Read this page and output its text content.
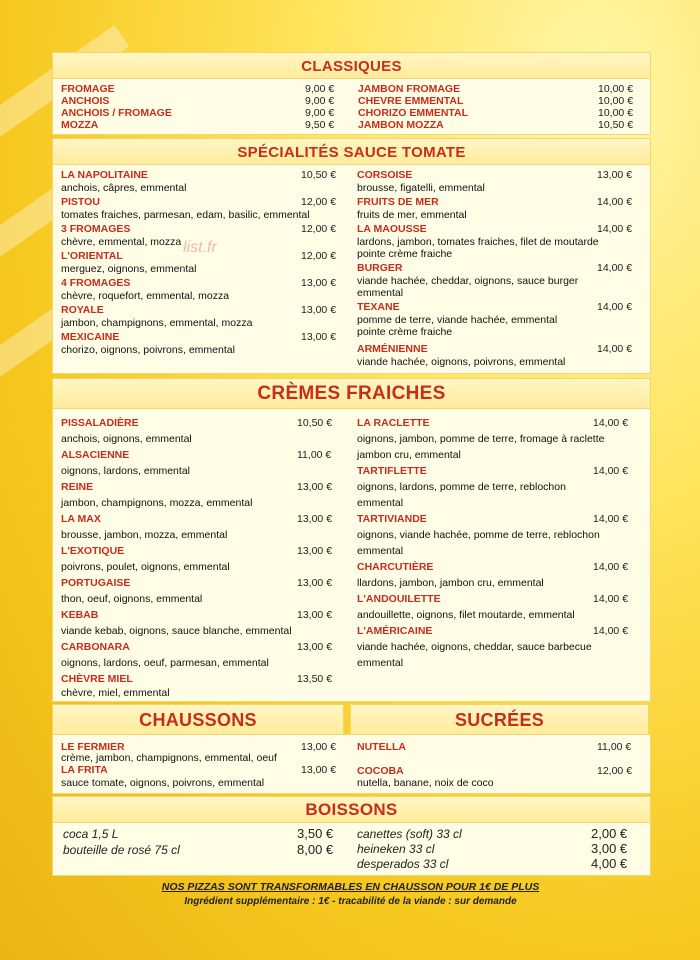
CLASSIQUES
FROMAGE	9,00 €
ANCHOIS	9,00 €
ANCHOIS / FROMAGE	9,00 €
MOZZA	9,50 €
JAMBON FROMAGE	10,00 €
CHEVRE EMMENTAL	10,00 €
CHORIZO EMMENTAL	10,00 €
JAMBON MOZZA	10,50 €
SPÉCIALITÉS SAUCE TOMATE
LA NAPOLITAINE	10,50 €
anchois, câpres, emmental
PISTOU	12,00 €
tomates fraiches, parmesan, edam, basilic, emmental
3 FROMAGES	12,00 €
chèvre, emmental, mozza
L'ORIENTAL	12,00 €
merguez, oignons, emmental
4 FROMAGES	13,00 €
chèvre, roquefort, emmental, mozza
ROYALE	13,00 €
jambon, champignons, emmental, mozza
MEXICAINE	13,00 €
chorizo, oignons, poivrons, emmental
list.fr
CORSOISE	13,00 €
brousse, figatelli, emmental
FRUITS DE MER	14,00 €
fruits de mer, emmental
LA MAOUSSE	14,00 €
lardons, jambon, tomates fraiches, filet de moutarde
pointe crème fraiche
BURGER	14,00 €
viande hachée, cheddar, oignons, sauce burger
emmental
TEXANE	14,00 €
pomme de terre, viande hachée, emmental
pointe crème fraiche
ARMÉNIENNE	14,00 €
viande hachée, oignons, poivrons, emmental
CRÈMES FRAICHES
PISSALADIÈRE	10,50 €
anchois, oignons, emmental
ALSACIENNE	11,00 €
oignons, lardons, emmental
REINE	13,00 €
jambon, champignons, mozza, emmental
LA MAX	13,00 €
brousse, jambon, mozza, emmental
L'EXOTIQUE	13,00 €
poivrons, poulet, oignons, emmental
PORTUGAISE	13,00 €
thon, oeuf, oignons, emmental
KEBAB	13,00 €
viande kebab, oignons, sauce blanche, emmental
CARBONARA	13,00 €
oignons, lardons, oeuf, parmesan, emmental
CHÈVRE MIEL	13,50 €
chèvre, miel, emmental
LA RACLETTE	14,00 €
oignons, jambon, pomme de terre, fromage à raclette
jambon cru, emmental
TARTIFLETTE	14,00 €
oignons, lardons, pomme de terre, reblochon
emmental
TARTIVIANDE	14,00 €
oignons, viande hachée, pomme de terre, reblochon
emmental
CHARCUTIÈRE	14,00 €
llardons, jambon, jambon cru, emmental
L'ANDOUILETTE	14,00 €
andouillette, oignons, filet moutarde, emmental
L'AMÉRICAINE	14,00 €
viande hachée, oignons, cheddar, sauce barbecue
emmental
CHAUSSONS	SUCRÉES
LE FERMIER	13,00 €
crème, jambon, champignons, emmental, oeuf
LA FRITA	13,00 €
sauce tomate, oignons, poivrons, emmental
NUTELLA	11,00 €
COCOBA	12,00 €
nutella, banane, noix de coco
BOISSONS
coca 1,5 L	3,50 €
bouteille de rosé 75 cl	8,00 €
canettes (soft) 33 cl	2,00 €
heineken 33 cl	3,00 €
desperados 33 cl	4,00 €
NOS PIZZAS SONT TRANSFORMABLES EN CHAUSSON POUR 1€ DE PLUS
Ingrédient supplémentaire : 1€ - tracabilité de la viande : sur demande
